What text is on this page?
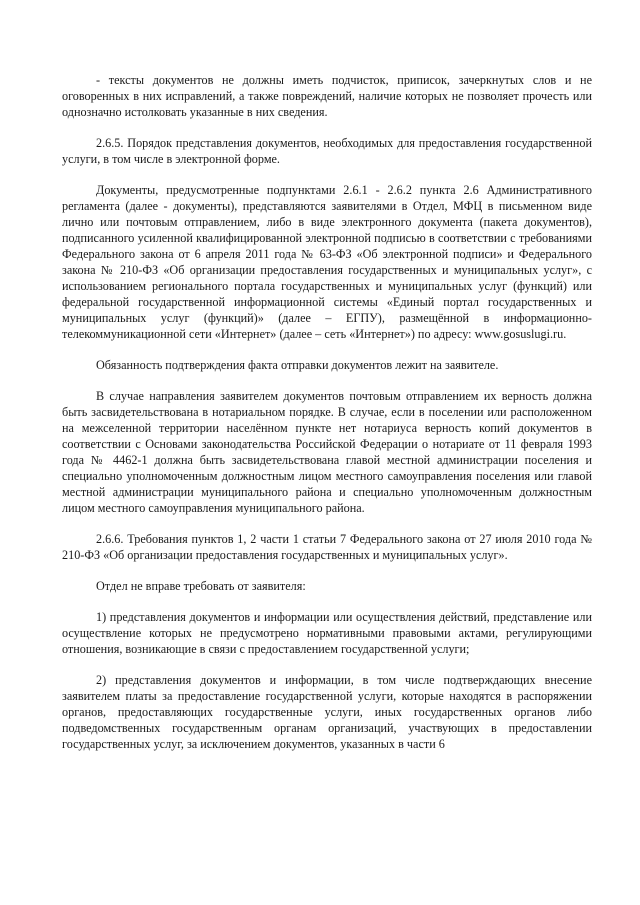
- тексты документов не должны иметь подчисток, приписок, зачеркнутых слов и не оговоренных в них исправлений, а также повреждений, наличие которых не позволяет прочесть или однозначно истолковать указанные в них сведения.

2.6.5. Порядок представления документов, необходимых для предоставления государственной услуги, в том числе в электронной форме.

Документы, предусмотренные подпунктами 2.6.1 - 2.6.2 пункта 2.6 Административного регламента (далее - документы), представляются заявителями в Отдел, МФЦ в письменном виде лично или почтовым отправлением, либо в виде электронного документа (пакета документов), подписанного усиленной квалифицированной электронной подписью в соответствии с требованиями Федерального закона от 6 апреля 2011 года № 63-ФЗ «Об электронной подписи» и Федерального закона № 210-ФЗ «Об организации предоставления государственных и муниципальных услуг», с использованием регионального портала государственных и муниципальных услуг (функций) или федеральной государственной информационной системы «Единый портал государственных и муниципальных услуг (функций)» (далее – ЕГПУ), размещённой в информационно-телекоммуникационной сети «Интернет» (далее – сеть «Интернет») по адресу: www.gosuslugi.ru.

Обязанность подтверждения факта отправки документов лежит на заявителе.

В случае направления заявителем документов почтовым отправлением их верность должна быть засвидетельствована в нотариальном порядке. В случае, если в поселении или расположенном на межселенной территории населённом пункте нет нотариуса верность копий документов в соответствии с Основами законодательства Российской Федерации о нотариате от 11 февраля 1993 года № 4462-1 должна быть засвидетельствована главой местной администрации поселения и специально уполномоченным должностным лицом местного самоуправления поселения или главой местной администрации муниципального района и специально уполномоченным должностным лицом местного самоуправления муниципального района.

2.6.6. Требования пунктов 1, 2 части 1 статьи 7 Федерального закона от 27 июля 2010 года № 210-ФЗ «Об организации предоставления государственных и муниципальных услуг».

Отдел не вправе требовать от заявителя:

1) представления документов и информации или осуществления действий, представление или осуществление которых не предусмотрено нормативными правовыми актами, регулирующими отношения, возникающие в связи с предоставлением государственной услуги;

2) представления документов и информации, в том числе подтверждающих внесение заявителем платы за предоставление государственной услуги, которые находятся в распоряжении органов, предоставляющих государственные услуги, иных государственных органов либо подведомственных государственным органам организаций, участвующих в предоставлении государственных услуг, за исключением документов, указанных в части 6
